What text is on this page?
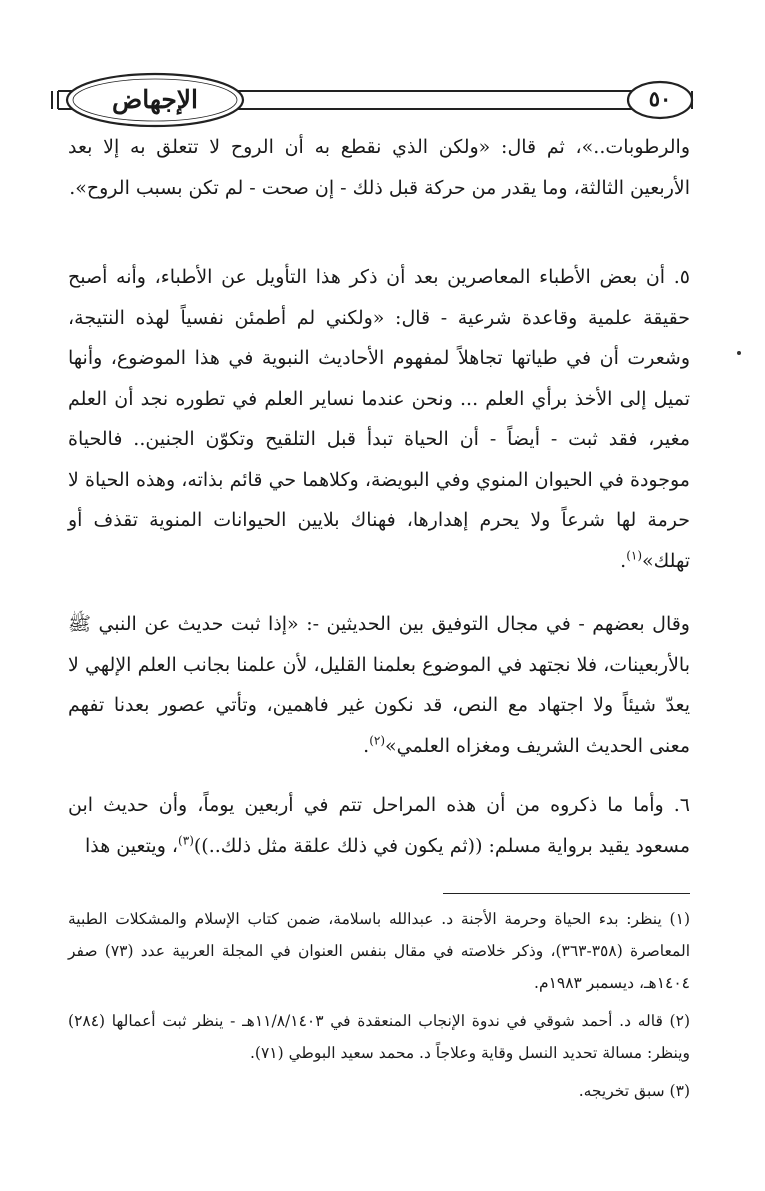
الإجهاض	٥٠
والرطوبات..»، ثم قال: «ولكن الذي نقطع به أن الروح لا تتعلق به إلا بعد الأربعين الثالثة، وما يقدر من حركة قبل ذلك - إن صحت - لم تكن بسبب الروح».
٥. أن بعض الأطباء المعاصرين بعد أن ذكر هذا التأويل عن الأطباء، وأنه أصبح حقيقة علمية وقاعدة شرعية - قال: «ولكني لم أطمئن نفسياً لهذه النتيجة، وشعرت أن في طياتها تجاهلاً لمفهوم الأحاديث النبوية في هذا الموضوع، وأنها تميل إلى الأخذ برأي العلم ... ونحن عندما نساير العلم في تطوره نجد أن العلم مغير، فقد ثبت - أيضاً - أن الحياة تبدأ قبل التلقيح وتكوّن الجنين.. فالحياة موجودة في الحيوان المنوي وفي البويضة، وكلاهما حي قائم بذاته، وهذه الحياة لا حرمة لها شرعاً ولا يحرم إهدارها، فهناك بلايين الحيوانات المنوية تقذف أو تهلك»$^{(١)}$.
وقال بعضهم - في مجال التوفيق بين الحديثين -: «إذا ثبت حديث عن النبي ﷺ بالأربعينات، فلا نجتهد في الموضوع بعلمنا القليل، لأن علمنا بجانب العلم الإلهي لا يعدّ شيئاً ولا اجتهاد مع النص، قد نكون غير فاهمين، وتأتي عصور بعدنا تفهم معنى الحديث الشريف ومغزاه العلمي»$^{(٢)}$.
٦. وأما ما ذكروه من أن هذه المراحل تتم في أربعين يوماً، وأن حديث ابن مسعود يقيد برواية مسلم: ((ثم يكون في ذلك علقة مثل ذلك..))$^{(٣)}$، ويتعين هذا
(١) ينظر: بدء الحياة وحرمة الأجنة د. عبدالله باسلامة، ضمن كتاب الإسلام والمشكلات الطبية المعاصرة (٣٥٨-٣٦٣)، وذكر خلاصته في مقال بنفس العنوان في المجلة العربية عدد (٧٣) صفر ١٤٠٤هـ، ديسمبر ١٩٨٣م.
(٢) قاله د. أحمد شوقي في ندوة الإنجاب المنعقدة في ١١/٨/١٤٠٣هـ - ينظر ثبت أعمالها (٢٨٤) وينظر: مسالة تحديد النسل وقاية وعلاجاً د. محمد سعيد البوطي (٧١).
(٣) سبق تخريجه.
